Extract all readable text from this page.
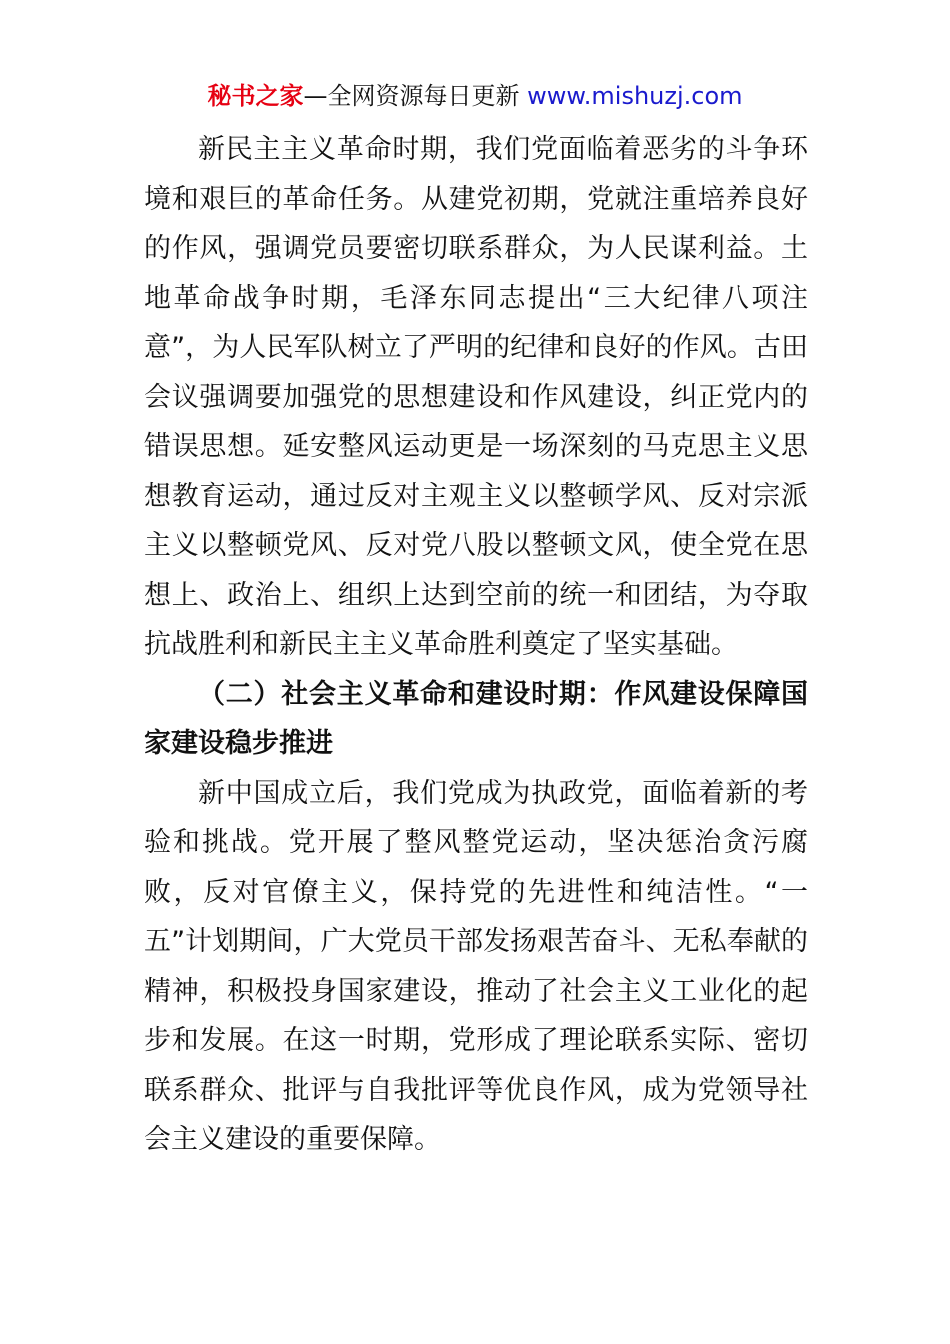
秘书之家—全网资源每日更新 www.mishuzj.com

新民主主义革命时期，我们党面临着恶劣的斗争环境和艰巨的革命任务。从建党初期，党就注重培养良好的作风，强调党员要密切联系群众，为人民谋利益。土地革命战争时期，毛泽东同志提出“三大纪律八项注意”，为人民军队树立了严明的纪律和良好的作风。古田会议强调要加强党的思想建设和作风建设，纠正党内的错误思想。延安整风运动更是一场深刻的马克思主义思想教育运动，通过反对主观主义以整顿学风、反对宗派主义以整顿党风、反对党八股以整顿文风，使全党在思想上、政治上、组织上达到空前的统一和团结，为夺取抗战胜利和新民主主义革命胜利奠定了坚实基础。

（二）社会主义革命和建设时期：作风建设保障国家建设稳步推进

新中国成立后，我们党成为执政党，面临着新的考验和挑战。党开展了整风整党运动，坚决惩治贪污腐败，反对官僚主义，保持党的先进性和纯洁性。“一五”计划期间，广大党员干部发扬艰苦奋斗、无私奉献的精神，积极投身国家建设，推动了社会主义工业化的起步和发展。在这一时期，党形成了理论联系实际、密切联系群众、批评与自我批评等优良作风，成为党领导社会主义建设的重要保障。
